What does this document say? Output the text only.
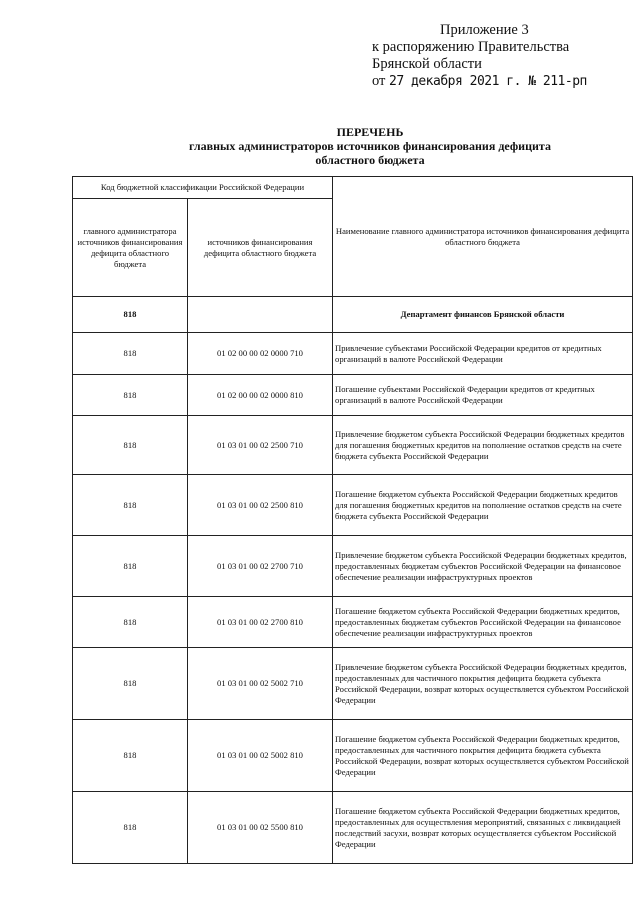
Приложение 3
к распоряжению Правительства
Брянской области
от 27 декабря 2021 г. № 211-рп
ПЕРЕЧЕНЬ
главных администраторов источников финансирования дефицита
областного бюджета
Код бюджетной классификации Российской Федерации		Наименование главного администратора источников финансирования дефицита областного бюджета
главного администратора источников финансирования дефицита областного бюджета	источников финансирования дефицита областного бюджета	
818		Департамент финансов Брянской области
818	01 02 00 00 02 0000 710	Привлечение субъектами Российской Федерации кредитов от кредитных организаций в валюте Российской Федерации
818	01 02 00 00 02 0000 810	Погашение субъектами Российской Федерации кредитов от кредитных организаций в валюте Российской Федерации
818	01 03 01 00 02 2500 710	Привлечение бюджетом субъекта Российской Федерации бюджетных кредитов для погашения бюджетных кредитов на пополнение остатков средств на счете бюджета субъекта Российской Федерации
818	01 03 01 00 02 2500 810	Погашение бюджетом субъекта Российской Федерации бюджетных кредитов для погашения бюджетных кредитов на пополнение остатков средств на счете бюджета субъекта Российской Федерации
818	01 03 01 00 02 2700 710	Привлечение бюджетом субъекта Российской Федерации бюджетных кредитов, предоставленных бюджетам субъектов Российской Федерации на финансовое обеспечение реализации инфраструктурных проектов
818	01 03 01 00 02 2700 810	Погашение бюджетом субъекта Российской Федерации бюджетных кредитов, предоставленных бюджетам субъектов Российской Федерации на финансовое обеспечение реализации инфраструктурных проектов
818	01 03 01 00 02 5002 710	Привлечение бюджетом субъекта Российской Федерации бюджетных кредитов, предоставленных для частичного покрытия дефицита бюджета субъекта Российской Федерации, возврат которых осуществляется субъектом Российской Федерации
818	01 03 01 00 02 5002 810	Погашение бюджетом субъекта Российской Федерации бюджетных кредитов, предоставленных для частичного покрытия дефицита бюджета субъекта Российской Федерации, возврат которых осуществляется субъектом Российской Федерации
818	01 03 01 00 02 5500 810	Погашение бюджетом субъекта Российской Федерации бюджетных кредитов, предоставленных для осуществления мероприятий, связанных с ликвидацией последствий засухи, возврат которых осуществляется субъектом Российской Федерации
